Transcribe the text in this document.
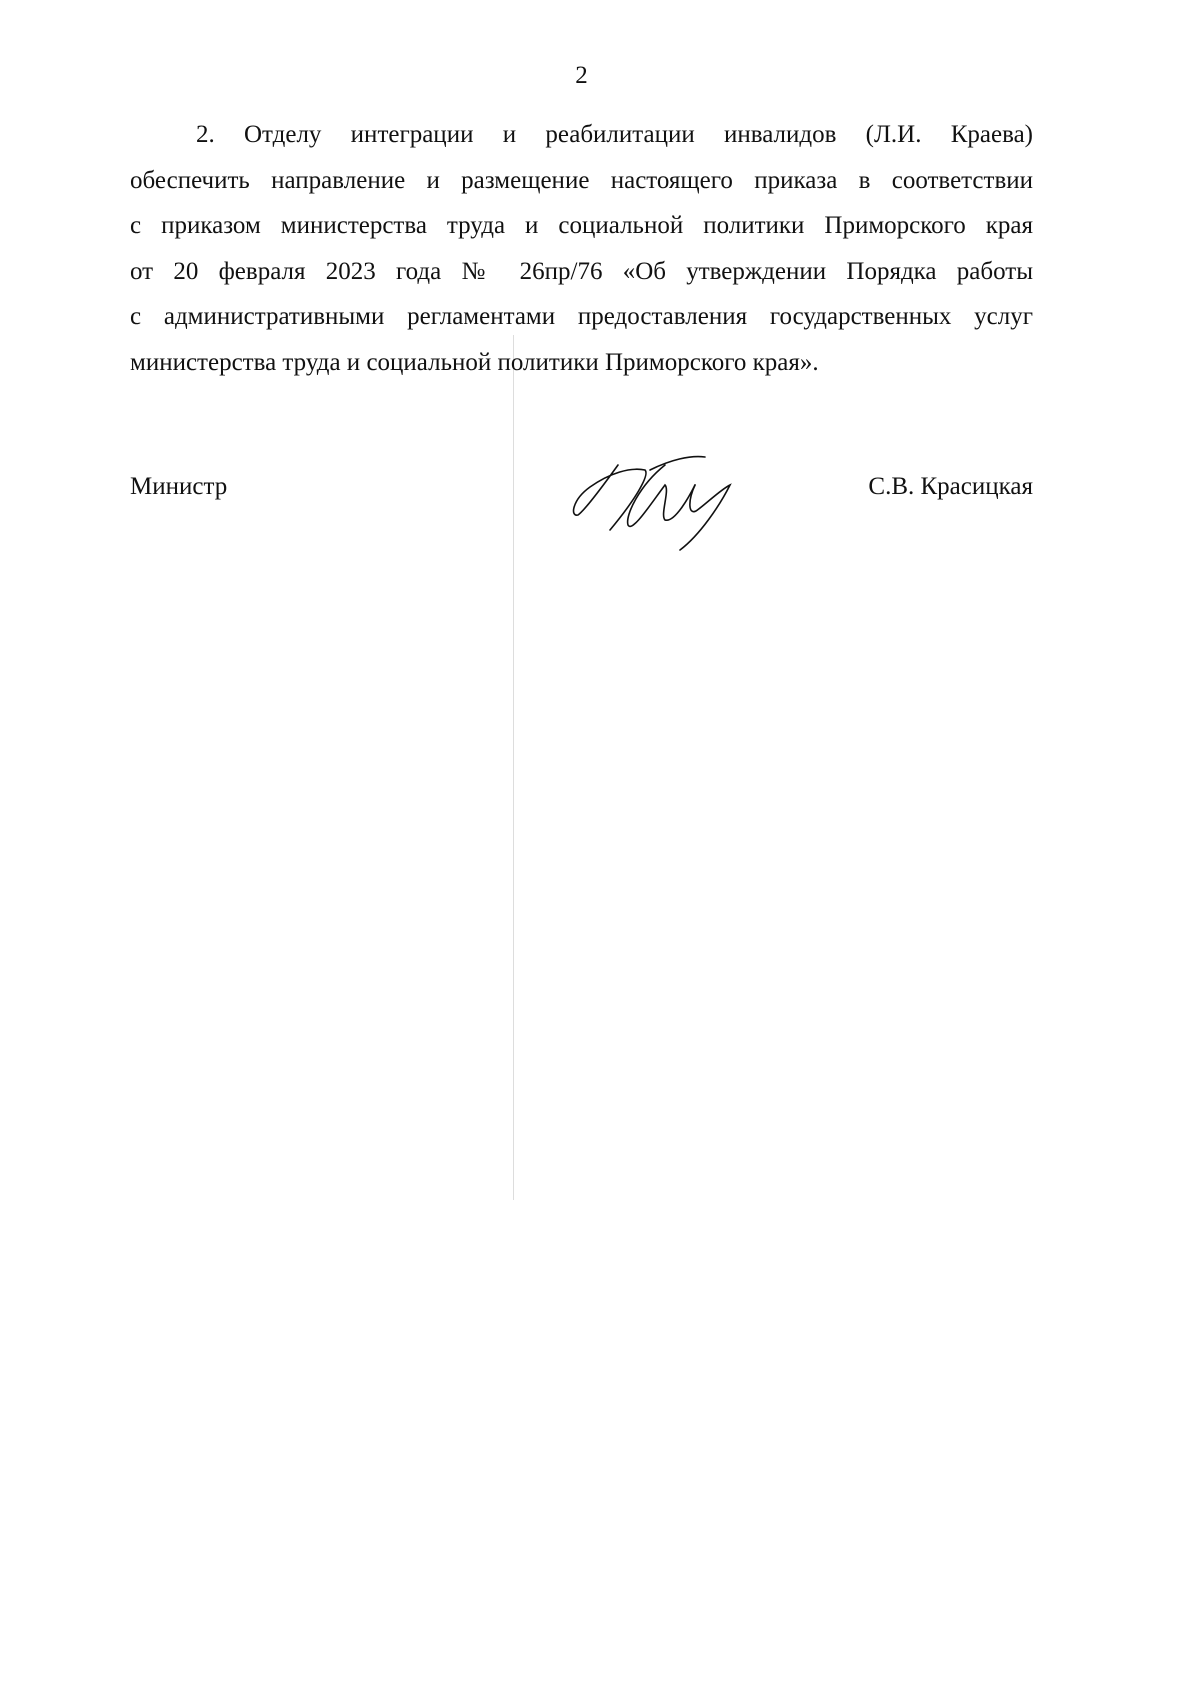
2
2. Отделу интеграции и реабилитации инвалидов (Л.И. Краева)
обеспечить направление и размещение настоящего приказа в соответствии
с приказом министерства труда и социальной политики Приморского края
от 20 февраля 2023 года № 26пр/76 «Об утверждении Порядка работы
с административными регламентами предоставления государственных услуг
министерства труда и социальной политики Приморского края».
Министр	С.В. Красицкая
